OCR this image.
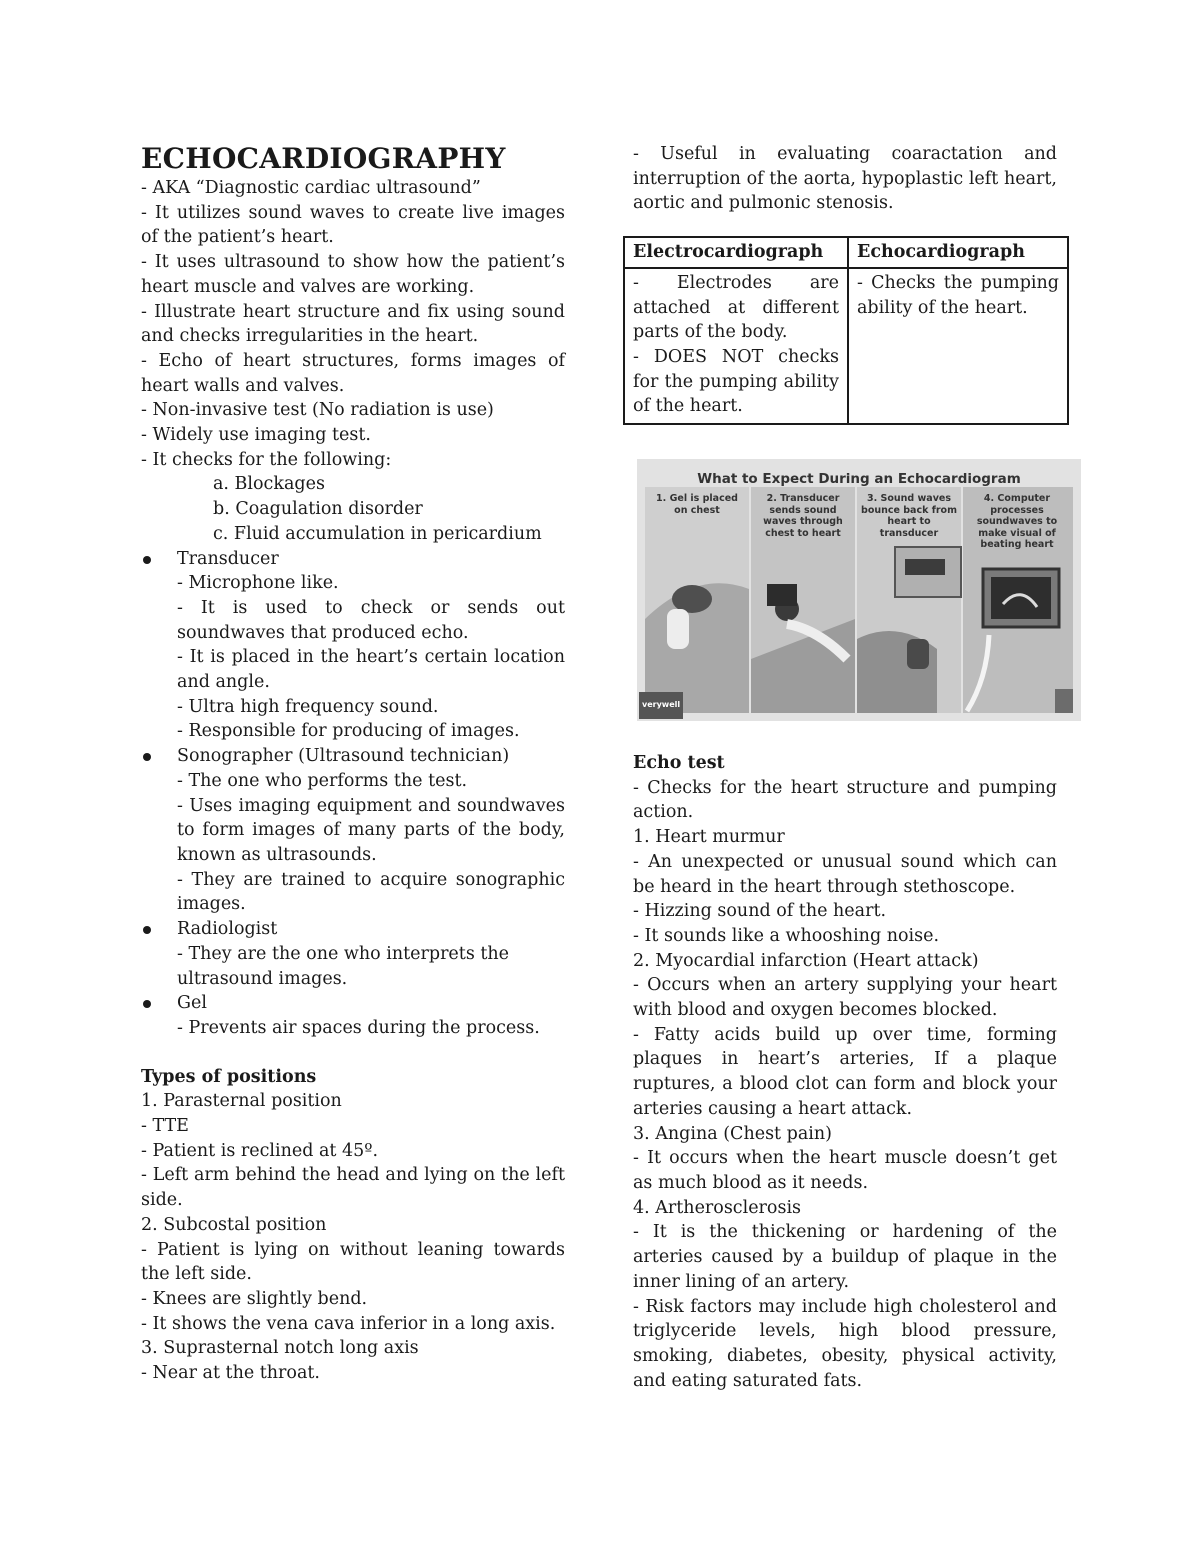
ECHOCARDIOGRAPHY
- AKA “Diagnostic cardiac ultrasound”
- It utilizes sound waves to create live images of the patient’s heart.
- It uses ultrasound to show how the patient’s heart muscle and valves are working.
- Illustrate heart structure and fix using sound and checks irregularities in the heart.
- Echo of heart structures, forms images of heart walls and valves.
- Non-invasive test (No radiation is use)
- Widely use imaging test.
- It checks for the following:
a. Blockages
b. Coagulation disorder
c. Fluid accumulation in pericardium
Transducer
- Microphone like.
- It is used to check or sends out soundwaves that produced echo.
- It is placed in the heart’s certain location and angle.
- Ultra high frequency sound.
- Responsible for producing of images.
Sonographer (Ultrasound technician)
- The one who performs the test.
- Uses imaging equipment and soundwaves to form images of many parts of the body, known as ultrasounds.
- They are trained to acquire sonographic images.
Radiologist
- They are the one who interprets the ultrasound images.
Gel
- Prevents air spaces during the process.
Types of positions
1. Parasternal position
- TTE
- Patient is reclined at 45º.
- Left arm behind the head and lying on the left side.
2. Subcostal position
- Patient is lying on without leaning towards the left side.
- Knees are slightly bend.
- It shows the vena cava inferior in a long axis.
3. Suprasternal notch long axis
- Near at the throat.
- Useful in evaluating coaractation and interruption of the aorta, hypoplastic left heart, aortic and pulmonic stenosis.
Electrocardiograph	Echocardiograph

- Electrodes are attached at different parts of the body.
- DOES NOT checks for the pumping ability of the heart.	- Checks the pumping ability of the heart.
What to Expect During an Echocardiogram
1. Gel is placed on chest
2. Transducer sends sound waves through chest to heart
3. Sound waves bounce back from heart to transducer
4. Computer processes soundwaves to make visual of beating heart
verywell
Echo test
- Checks for the heart structure and pumping action.
1. Heart murmur
- An unexpected or unusual sound which can be heard in the heart through stethoscope.
- Hizzing sound of the heart.
- It sounds like a whooshing noise.
2. Myocardial infarction (Heart attack)
- Occurs when an artery supplying your heart with blood and oxygen becomes blocked.
- Fatty acids build up over time, forming plaques in heart’s arteries, If a plaque ruptures, a blood clot can form and block your arteries causing a heart attack.
3. Angina (Chest pain)
- It occurs when the heart muscle doesn’t get as much blood as it needs.
4. Artherosclerosis
- It is the thickening or hardening of the arteries caused by a buildup of plaque in the inner lining of an artery.
- Risk factors may include high cholesterol and triglyceride levels, high blood pressure, smoking, diabetes, obesity, physical activity, and eating saturated fats.
